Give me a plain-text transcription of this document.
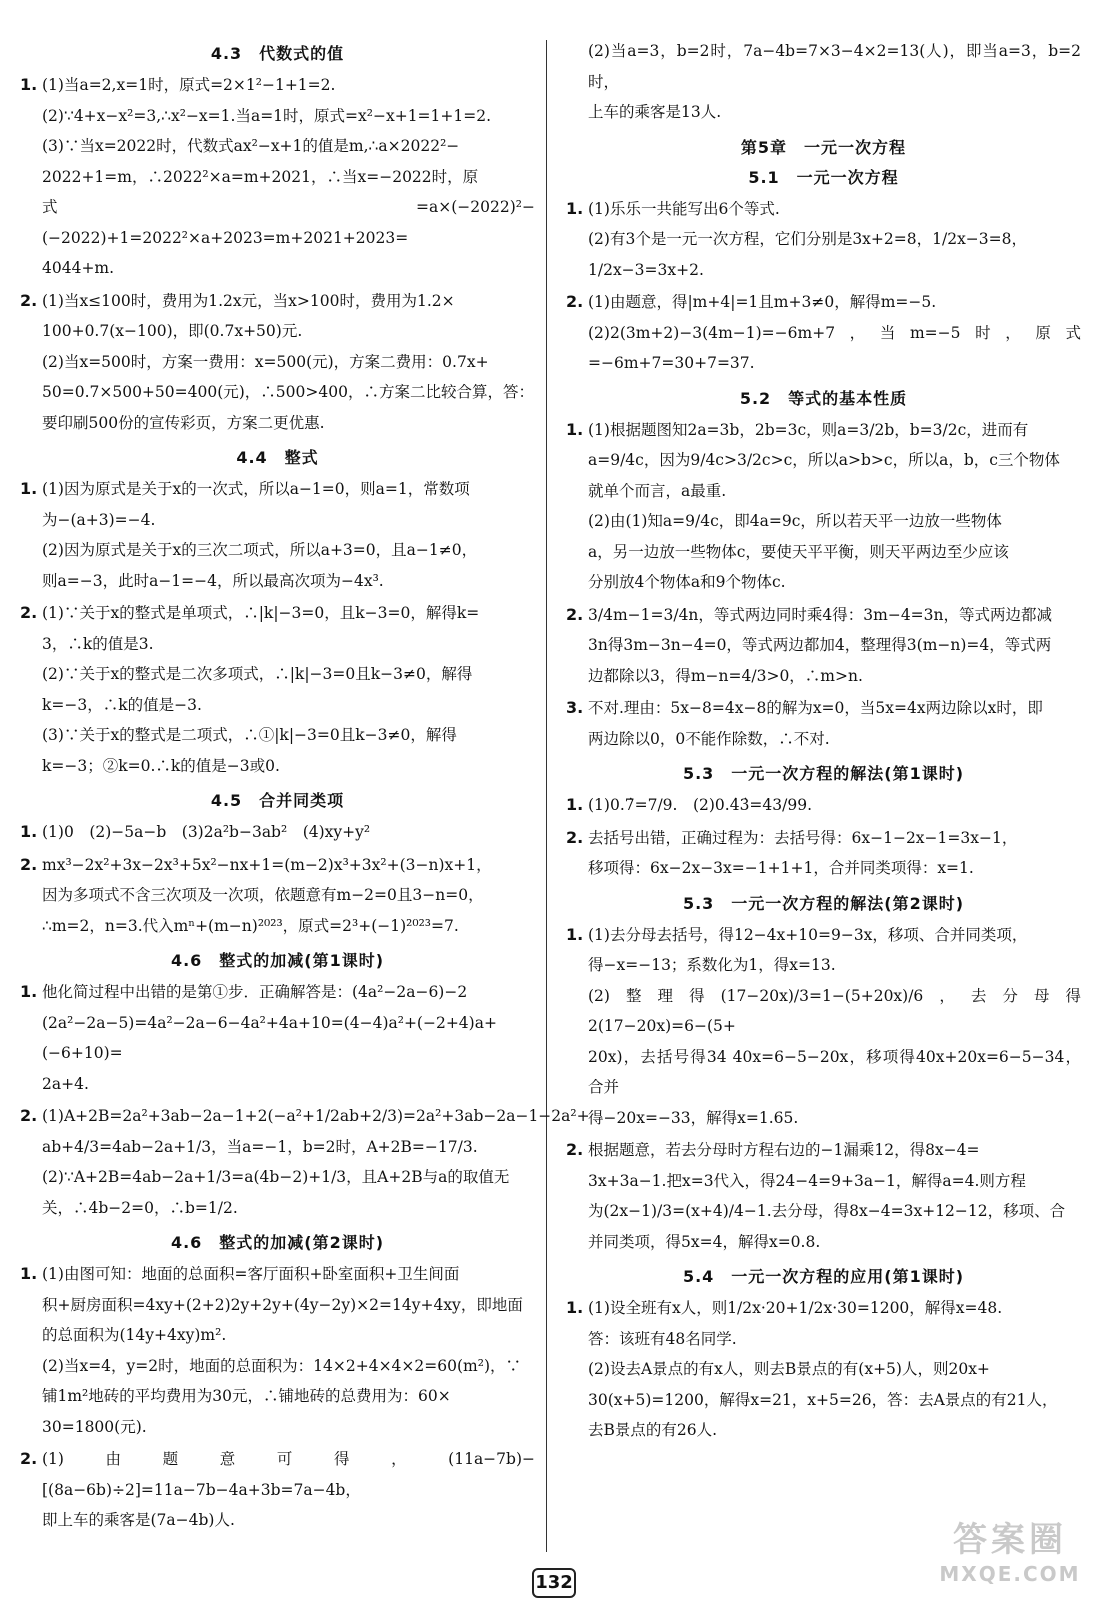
4.3　代数式的值
1. (1)当a=2,x=1时，原式=2×1²−1+1=2.

(2)∵4+x−x²=3,∴x²−x=1.当a=1时，原式=x²−x+1=1+1=2.

(3)∵当x=2022时，代数式ax²−x+1的值是m,∴a×2022²−

2022+1=m，∴2022²×a=m+2021，∴当x=−2022时，原

式=a×(−2022)²−(−2022)+1=2022²×a+2023=m+2021+2023=

4044+m.

2. (1)当x≤100时，费用为1.2x元，当x>100时，费用为1.2×

100+0.7(x−100)，即(0.7x+50)元.

(2)当x=500时，方案一费用：x=500(元)，方案二费用：0.7x+

50=0.7×500+50=400(元)，∴500>400，∴方案二比较合算，答：

要印刷500份的宣传彩页，方案二更优惠.

4.4　整式
1. (1)因为原式是关于x的一次式，所以a−1=0，则a=1，常数项

为−(a+3)=−4.

(2)因为原式是关于x的三次二项式，所以a+3=0，且a−1≠0，

则a=−3，此时a−1=−4，所以最高次项为−4x³.

2. (1)∵关于x的整式是单项式，∴|k|−3=0，且k−3=0，解得k=

3，∴k的值是3.

(2)∵关于x的整式是二次多项式，∴|k|−3=0且k−3≠0，解得

k=−3，∴k的值是−3.

(3)∵关于x的整式是二项式，∴①|k|−3=0且k−3≠0，解得

k=−3；②k=0.∴k的值是−3或0.

4.5　合并同类项
1. (1)0　(2)−5a−b　(3)2a²b−3ab²　(4)xy+y²

2. mx³−2x²+3x−2x³+5x²−nx+1=(m−2)x³+3x²+(3−n)x+1，

因为多项式不含三次项及一次项，依题意有m−2=0且3−n=0，

∴m=2，n=3.代入mⁿ+(m−n)²⁰²³，原式=2³+(−1)²⁰²³=7.

4.6　整式的加减(第1课时)
1. 他化简过程中出错的是第①步．正确解答是：(4a²−2a−6)−2

(2a²−2a−5)=4a²−2a−6−4a²+4a+10=(4−4)a²+(−2+4)a+(−6+10)=

2a+4.

2. (1)A+2B=2a²+3ab−2a−1+2(−a²+1/2ab+2/3)=2a²+3ab−2a−1−2a²+

ab+4/3=4ab−2a+1/3，当a=−1，b=2时，A+2B=−17/3.

(2)∵A+2B=4ab−2a+1/3=a(4b−2)+1/3，且A+2B与a的取值无

关，∴4b−2=0，∴b=1/2.

4.6　整式的加减(第2课时)
1. (1)由图可知：地面的总面积=客厅面积+卧室面积+卫生间面

积+厨房面积=4xy+(2+2)2y+2y+(4y−2y)×2=14y+4xy，即地面

的总面积为(14y+4xy)m².

(2)当x=4，y=2时，地面的总面积为：14×2+4×4×2=60(m²)，∵

铺1m²地砖的平均费用为30元，∴铺地砖的总费用为：60×

30=1800(元).

2. (1)由题意可得，(11a−7b)−[(8a−6b)÷2]=11a−7b−4a+3b=7a−4b，

即上车的乘客是(7a−4b)人.

(2)当a=3，b=2时，7a−4b=7×3−4×2=13(人)，即当a=3，b=2时，

上车的乘客是13人.

第5章　一元一次方程
5.1　一元一次方程
1. (1)乐乐一共能写出6个等式.

(2)有3个是一元一次方程，它们分别是3x+2=8，1/2x−3=8，

1/2x−3=3x+2.

2. (1)由题意，得|m+4|=1且m+3≠0，解得m=−5.

(2)2(3m+2)−3(4m−1)=−6m+7，当m=−5时，原式=−6m+7=30+7=37.

5.2　等式的基本性质
1. (1)根据题图知2a=3b，2b=3c，则a=3/2b，b=3/2c，进而有

a=9/4c，因为9/4c>3/2c>c，所以a>b>c，所以a，b，c三个物体

就单个而言，a最重.

(2)由(1)知a=9/4c，即4a=9c，所以若天平一边放一些物体

a，另一边放一些物体c，要使天平平衡，则天平两边至少应该

分别放4个物体a和9个物体c.

2. 3/4m−1=3/4n，等式两边同时乘4得：3m−4=3n，等式两边都减

3n得3m−3n−4=0，等式两边都加4，整理得3(m−n)=4，等式两

边都除以3，得m−n=4/3>0，∴m>n.

3. 不对.理由：5x−8=4x−8的解为x=0，当5x=4x两边除以x时，即

两边除以0，0不能作除数，∴不对.

5.3　一元一次方程的解法(第1课时)
1. (1)0.7̇=7/9.　(2)0.4̇3̇=43/99.

2. 去括号出错，正确过程为：去括号得：6x−1−2x−1=3x−1，

移项得：6x−2x−3x=−1+1+1，合并同类项得：x=1.

5.3　一元一次方程的解法(第2课时)
1. (1)去分母去括号，得12−4x+10=9−3x，移项、合并同类项，

得−x=−13；系数化为1，得x=13.

(2)整理得(17−20x)/3=1−(5+20x)/6，去分母得2(17−20x)=6−(5+

20x)，去括号得34 40x=6−5−20x，移项得40x+20x=6−5−34，合并

得−20x=−33，解得x=1.65.

2. 根据题意，若去分母时方程右边的−1漏乘12，得8x−4=

3x+3a−1.把x=3代入，得24−4=9+3a−1，解得a=4.则方程

为(2x−1)/3=(x+4)/4−1.去分母，得8x−4=3x+12−12，移项、合

并同类项，得5x=4，解得x=0.8.

5.4　一元一次方程的应用(第1课时)
1. (1)设全班有x人，则1/2x·20+1/2x·30=1200，解得x=48.

答：该班有48名同学.

(2)设去A景点的有x人，则去B景点的有(x+5)人，则20x+

30(x+5)=1200，解得x=21，x+5=26，答：去A景点的有21人，

去B景点的有26人.

132
答案圈
MXQE.COM
